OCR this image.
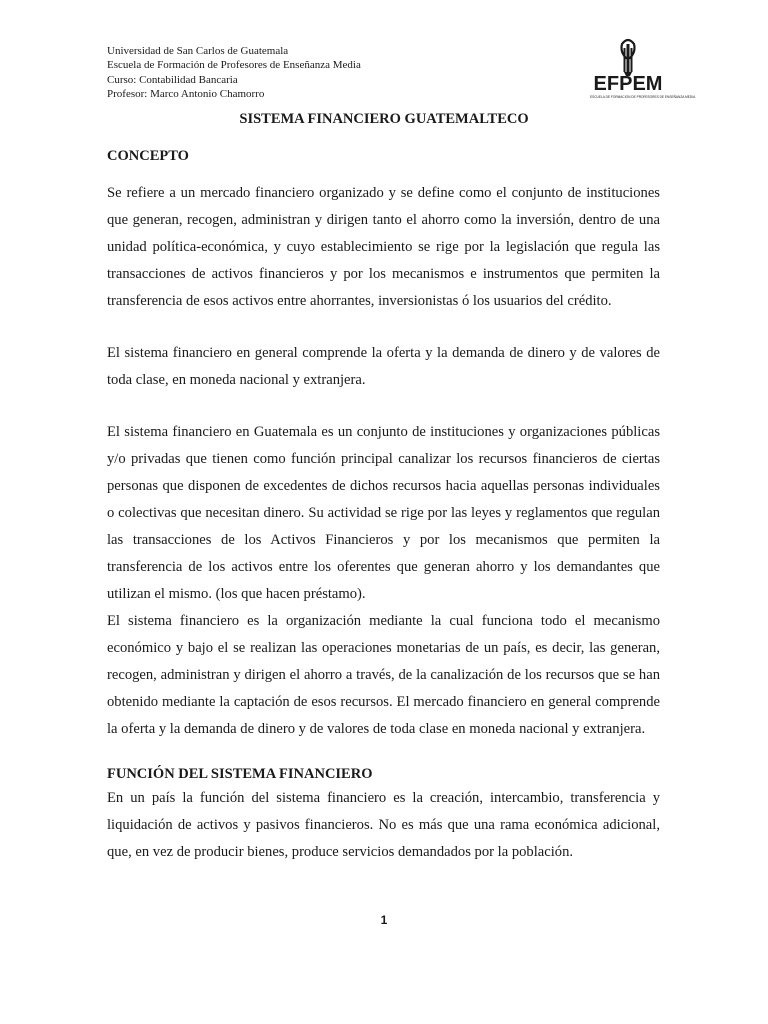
Universidad de San Carlos de Guatemala
Escuela de Formación de Profesores de Enseñanza Media
Curso: Contabilidad Bancaria
Profesor: Marco Antonio Chamorro	EFPEM
ESCUELA DE FORMACION DE PROFESORES DE ENSEÑANZA MEDIA
SISTEMA FINANCIERO GUATEMALTECO
CONCEPTO

Se refiere a un mercado financiero organizado y se define como el conjunto de instituciones que generan, recogen, administran y dirigen tanto el ahorro como la inversión, dentro de una unidad política-económica, y cuyo establecimiento se rige por la legislación que regula las transacciones de activos financieros y por los mecanismos e instrumentos que permiten la transferencia de esos activos entre ahorrantes, inversionistas ó los usuarios del crédito.

El sistema financiero en general comprende la oferta y la demanda de dinero y de valores de toda clase, en moneda nacional y extranjera.

El sistema financiero en Guatemala es un conjunto de instituciones y organizaciones públicas y/o privadas que tienen como función principal canalizar los recursos financieros de ciertas personas que disponen de excedentes de dichos recursos hacia aquellas personas individuales o colectivas que necesitan dinero. Su actividad se rige por las leyes y reglamentos que regulan las transacciones de los Activos Financieros y por los mecanismos que permiten la transferencia de los activos entre los oferentes que generan ahorro y los demandantes que utilizan el mismo. (los que hacen préstamo).

El sistema financiero es la organización mediante la cual funciona todo el mecanismo económico y bajo el se realizan las operaciones monetarias de un país, es decir, las generan, recogen, administran y dirigen el ahorro a través, de la canalización de los recursos que se han obtenido mediante la captación de esos recursos. El mercado financiero en general comprende la oferta y la demanda de dinero y de valores de toda clase en moneda nacional y extranjera.

FUNCIÓN DEL SISTEMA FINANCIERO

En un país la función del sistema financiero es la creación, intercambio, transferencia y liquidación de activos y pasivos financieros. No es más que una rama económica adicional, que, en vez de producir bienes, produce servicios demandados por la población.

1
